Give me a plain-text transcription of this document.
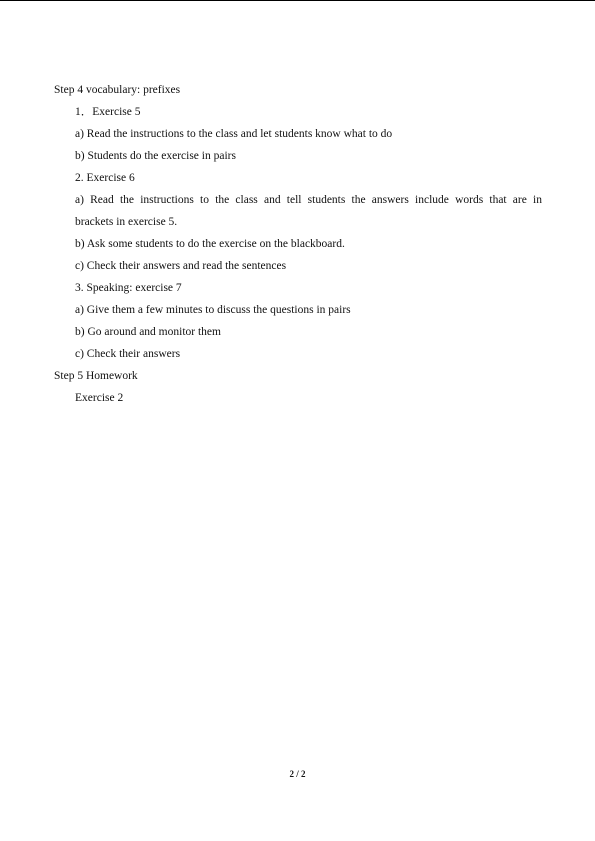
Step 4 vocabulary: prefixes
1．Exercise 5
a) Read the instructions to the class and let students know what to do
b) Students do the exercise in pairs
2. Exercise 6
a) Read the instructions to the class and tell students the answers include words that are in
brackets in exercise 5.
b) Ask some students to do the exercise on the blackboard.
c) Check their answers and read the sentences
3. Speaking: exercise 7
a) Give them a few minutes to discuss the questions in pairs
b) Go around and monitor them
c) Check their answers
Step 5 Homework
Exercise 2
2 / 2
